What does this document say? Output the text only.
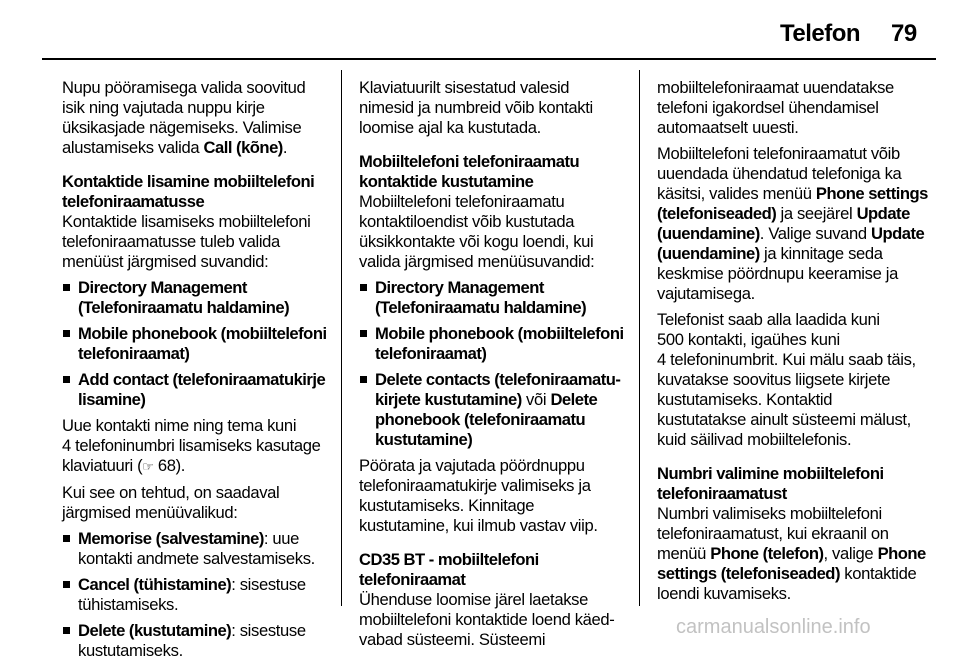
Telefon 79

Nupu pööramisega valida soovitud

isik ning vajutada nuppu kirje

üksikasjade nägemiseks. Valimise

alustamiseks valida Call (kõne).

Kontaktide lisamine mobiiltelefoni

telefoniraamatusse

Kontaktide lisamiseks mobiiltelefoni

telefoniraamatusse tuleb valida

menüüst järgmised suvandid:

Directory Management

(Telefoniraamatu haldamine)

Mobile phonebook (mobiiltelefoni

telefoniraamat)

Add contact (telefoniraamatukirje

lisamine)

Uue kontakti nime ning tema kuni

4 telefoninumbri lisamiseks kasutage

klaviatuuri (☞ 68).

Kui see on tehtud, on saadaval

järgmised menüüvalikud:

Memorise (salvestamine): uue

kontakti andmete salvestamiseks.

Cancel (tühistamine): sisestuse

tühistamiseks.

Delete (kustutamine): sisestuse

kustutamiseks.

Klaviatuurilt sisestatud valesid

nimesid ja numbreid võib kontakti

loomise ajal ka kustutada.

Mobiiltelefoni telefoniraamatu

kontaktide kustutamine

Mobiiltelefoni telefoniraamatu

kontaktiloendist võib kustutada

üksikkontakte või kogu loendi, kui

valida järgmised menüüsuvandid:

Directory Management

(Telefoniraamatu haldamine)

Mobile phonebook (mobiiltelefoni

telefoniraamat)

Delete contacts (telefoniraamatu-

kirjete kustutamine) või Delete

phonebook (telefoniraamatu

kustutamine)

Pöörata ja vajutada pöördnuppu

telefoniraamatukirje valimiseks ja

kustutamiseks. Kinnitage

kustutamine, kui ilmub vastav viip.

CD35 BT - mobiiltelefoni

telefoniraamat

Ühenduse loomise järel laetakse

mobiiltelefoni kontaktide loend käed-

vabad süsteemi. Süsteemi

mobiiltelefoniraamat uuendatakse

telefoni igakordsel ühendamisel

automaatselt uuesti.

Mobiiltelefoni telefoniraamatut võib

uuendada ühendatud telefoniga ka

käsitsi, valides menüü Phone settings

(telefoniseaded) ja seejärel Update

(uuendamine). Valige suvand Update

(uuendamine) ja kinnitage seda

keskmise pöördnupu keeramise ja

vajutamisega.

Telefonist saab alla laadida kuni

500 kontakti, igaühes kuni

4 telefoninumbrit. Kui mälu saab täis,

kuvatakse soovitus liigsete kirjete

kustutamiseks. Kontaktid

kustutatakse ainult süsteemi mälust,

kuid säilivad mobiiltelefonis.

Numbri valimine mobiiltelefoni

telefoniraamatust

Numbri valimiseks mobiiltelefoni

telefoniraamatust, kui ekraanil on

menüü Phone (telefon), valige Phone

settings (telefoniseaded) kontaktide

loendi kuvamiseks.

carmanualsonline.info
